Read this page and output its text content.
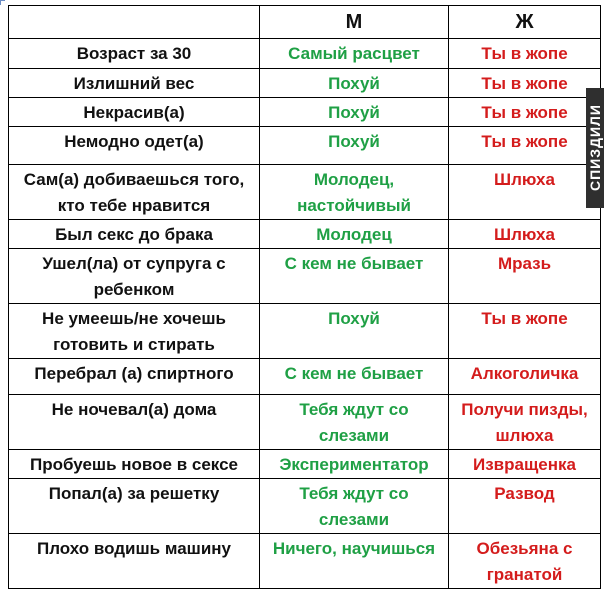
	М	Ж
Возраст за 30	Самый расцвет	Ты в жопе
Излишний вес	Похуй	Ты в жопе
Некрасив(а)	Похуй	Ты в жопе
Немодно одет(а)	Похуй	Ты в жопе
Сам(а) добиваешься того, кто тебе нравится	Молодец, настойчивый	Шлюха
Был секс до брака	Молодец	Шлюха
Ушел(ла) от супруга с ребенком	С кем не бывает	Мразь
Не умеешь/не хочешь готовить и стирать	Похуй	Ты в жопе
Перебрал (а) спиртного	С кем не бывает	Алкоголичка
Не ночевал(а) дома	Тебя ждут со слезами	Получи пизды, шлюха
Пробуешь новое в сексе	Экспериментатор	Извращенка
Попал(а) за решетку	Тебя ждут со слезами	Развод
Плохо водишь машину	Ничего, научишься	Обезьяна с гранатой
СПИЗДИЛИ
